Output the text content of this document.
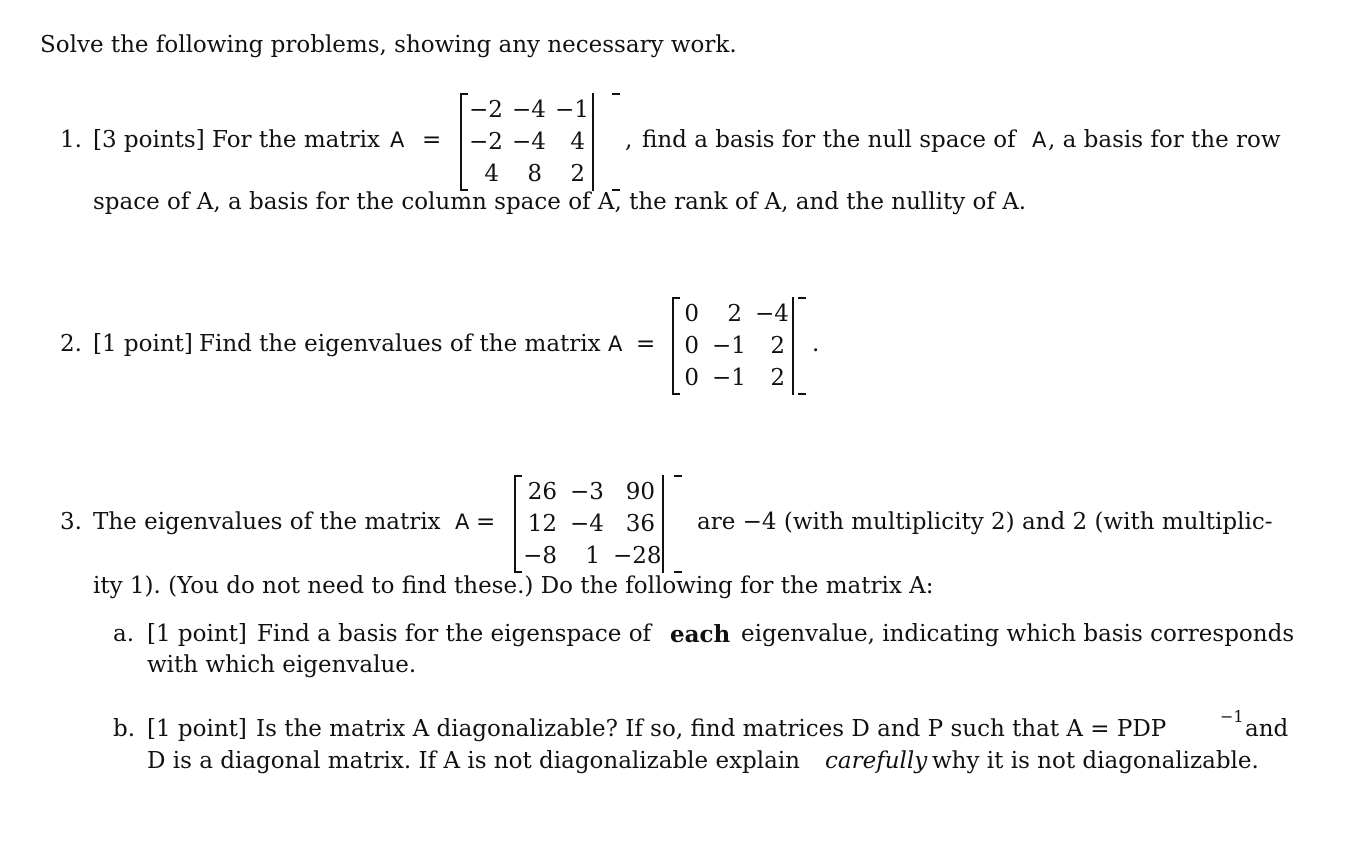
Solve the following problems, showing any necessary work.
1. [3 points] For the matrix A =
−2 −4 −1
−2 −4	4
4	8	2
, find a basis for the null space of A , a basis for the row
space of A, a basis for the column space of A, the rank of A, and the nullity of A.
2. [1 point] Find the eigenvalues of the matrix A =
0	2 −4
0 −1	2
0 −1	2
.
3. The eigenvalues of the matrix A =
26 −3 90
12 −4 36
−8	1 −28
are −4 (with multiplicity 2) and 2 (with multiplic-
ity 1). (You do not need to find these.) Do the following for the matrix A:
a. [1 point] Find a basis for the eigenspace of each eigenvalue, indicating which basis corresponds
with which eigenvalue.
b. [1 point] Is the matrix A diagonalizable? If so, find matrices D and P such that A = PDP	−1 and
D is a diagonal matrix. If A is not diagonalizable explain carefully why it is not diagonalizable.
